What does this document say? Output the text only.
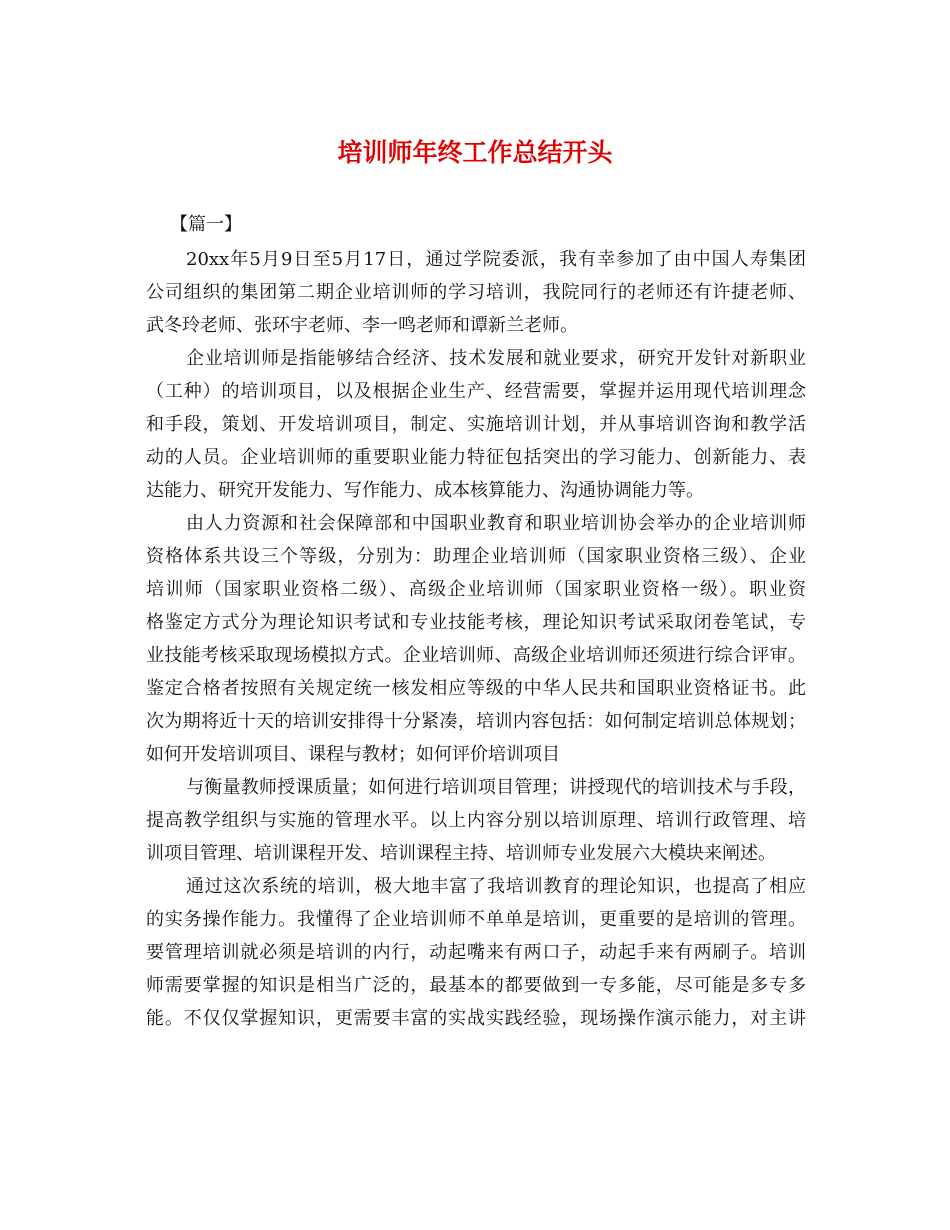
培训师年终工作总结开头
【篇一】
20xx年5月9日至5月17日，通过学院委派，我有幸参加了由中国人寿集团
公司组织的集团第二期企业培训师的学习培训，我院同行的老师还有许捷老师、
武冬玲老师、张环宇老师、李一鸣老师和谭新兰老师。
企业培训师是指能够结合经济、技术发展和就业要求，研究开发针对新职业
（工种）的培训项目，以及根据企业生产、经营需要，掌握并运用现代培训理念
和手段，策划、开发培训项目，制定、实施培训计划，并从事培训咨询和教学活
动的人员。企业培训师的重要职业能力特征包括突出的学习能力、创新能力、表
达能力、研究开发能力、写作能力、成本核算能力、沟通协调能力等。
由人力资源和社会保障部和中国职业教育和职业培训协会举办的企业培训师
资格体系共设三个等级，分别为：助理企业培训师（国家职业资格三级）、企业
培训师（国家职业资格二级）、高级企业培训师（国家职业资格一级）。职业资
格鉴定方式分为理论知识考试和专业技能考核，理论知识考试采取闭卷笔试，专
业技能考核采取现场模拟方式。企业培训师、高级企业培训师还须进行综合评审。
鉴定合格者按照有关规定统一核发相应等级的中华人民共和国职业资格证书。此
次为期将近十天的培训安排得十分紧凑，培训内容包括：如何制定培训总体规划；
如何开发培训项目、课程与教材；如何评价培训项目
与衡量教师授课质量；如何进行培训项目管理；讲授现代的培训技术与手段，
提高教学组织与实施的管理水平。以上内容分别以培训原理、培训行政管理、培
训项目管理、培训课程开发、培训课程主持、培训师专业发展六大模块来阐述。
通过这次系统的培训，极大地丰富了我培训教育的理论知识，也提高了相应
的实务操作能力。我懂得了企业培训师不单单是培训，更重要的是培训的管理。
要管理培训就必须是培训的内行，动起嘴来有两口子，动起手来有两刷子。培训
师需要掌握的知识是相当广泛的，最基本的都要做到一专多能，尽可能是多专多
能。不仅仅掌握知识，更需要丰富的实战实践经验，现场操作演示能力，对主讲
